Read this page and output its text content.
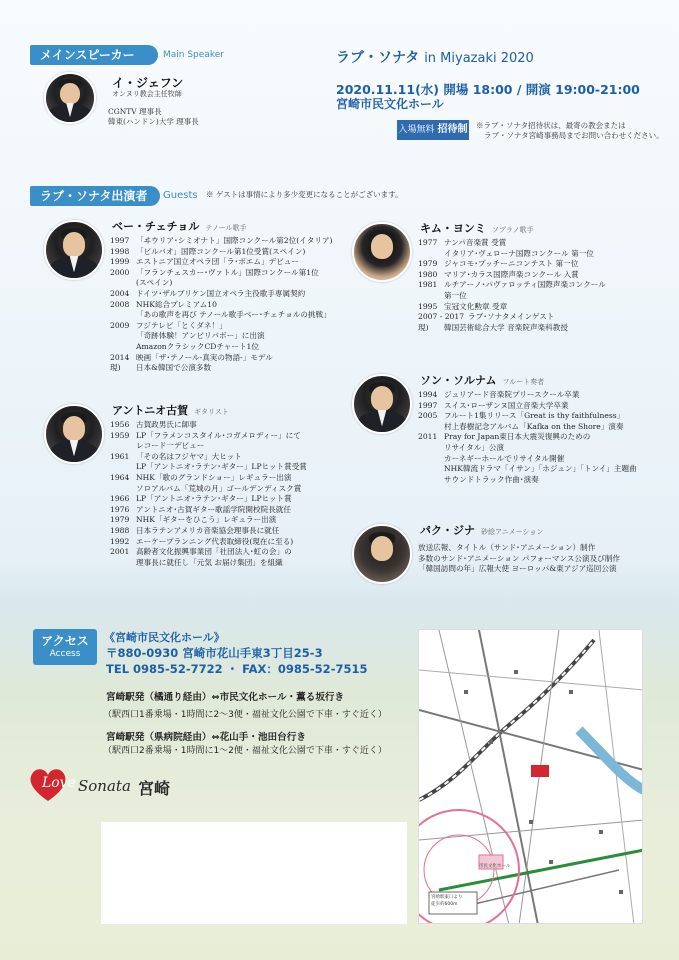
メインスピーカー	Main Speaker
イ・ジェフン
オンヌリ教会主任牧師
CGNTV 理事長
韓東(ハンドン)大学 理事長
ラブ・ソナタ in Miyazaki 2020
2020.11.11(水) 開場 18:00 / 開演 19:00-21:00
宮崎市民文化ホール
入場無料 招待制 ※ラブ・ソナタ招待状は、最寄の教会または
ラブ・ソナタ宮崎事務局までお問い合わせください。
ラブ・ソナタ出演者	Guests ※ ゲストは事情により多少変更になることがございます。
ベー・チェチョル テノール歌手
1997 「ヰウリア･シミオナト」国際コンクール第2位(イタリア)
1998 「ビルバオ」国際コンクール第1位受賞(スペイン)
1999 エストニア国立オペラ団「ラ･ボエム」デビュー
2000 「フランチェスカー･ヴァトル」国際コンクール第1位
(スペイン)
2004 ドイツ･ザルブリケン国立オペラ主役歌手専属契約
2008 NHK総合プレミアム10
「あの歌声を再び テノール歌手ベー･チェチョルの挑戦」
2009 フジテレビ「とくダネ！」
「奇跡体験！アンビリバボー」に出演
AmazonクラシックCDチャート1位
2014 映画「ザ･テノール-真実の物語-」モデル
現) 日本&韓国で公演多数
アントニオ古賀 ギタリスト
1956 古賀政男氏に師事
1959 LP「フラメンコスタイル･コガメロディー」にて
レコード一デビュー
1961 「その名はフジヤマ」大ヒット
LP「アントニオ･ラテン･ギター」LPヒット賞受賞
1964 NHK「歌のグランドショー」レギュラー出演
ソロアルバム「荒城の月」ゴールデンディスク賞
1966 LP「アントニオ･ラテン･ギター」LPヒット賞
1976 アントニオ･古賀ギター歌謡学院開校院長就任
1979 NHK「ギターをひこう」レギュラー出演
1988 日本ラテンアメリカ音楽協会理事長に就任
1992 エーケープランニング代表取締役(現在に至る)
2001 高齢者文化振興事業団「社団法人･虹の会」の
理事長に就任し「元気 お届け集団」を組織
キム・ヨンミ ソプラノ歌手
1977 ナンパ音楽賞 受賞
イタリア･ヴェローナ国際コンクール 第一位
1979 ジャコモ･プッチーニコンテスト 第一位
1980 マリア･カラス国際声楽コンクール 入賞
1981 ルチアーノ･パヴァロッティ国際声楽コンクール
第一位
1995 宝冠文化勲章 受章
2007 - 2017 ラブ･ソナタメインゲスト
現) 韓国芸術総合大学 音楽院声楽科教授
ソン・ソルナム フルート奏者
1994 ジュリアード音楽院プリースクール卒業
1997 スイス･ローザンヌ国立音楽大学卒業
2005 フルート1集リリース「Great is thy faithfulness」
村上春樹記念アルバム「Kafka on the Shore」演奏
2011 Pray for Japan東日本大震災復興のための
リサイタル」公演
カーネギーホールでリサイタル開催
NHK韓流ドラマ「イサン」「ホジュン」「トンイ」主題曲
サウンドトラック作曲･演奏
パク・ジナ 砂絵アニメーション
放送広報、タイトル（サンド･アニメーション）制作
多数のサンド･アニメーション パフォーマンス公演及び制作
「韓国訪問の年」広報大使 ヨーロッパ&東アジア巡回公演
アクセス
Access
《宮崎市民文化ホール》
〒880-0930 宮崎市花山手東3丁目25-3
TEL 0985-52-7722 ・ FAX：0985-52-7515
宮崎駅発（橘通り経由）⇔市民文化ホール・薫る坂行き
（駅西口1番乗場・1時間に2～3便・福祉文化公園で下車・すぐ近く）
宮崎駅発（県病院経由）⇔花山手・池田台行き
（駅西口2番乗場・1時間に1～2便・福祉文化公園で下車・すぐ近く）
Love Sonata 宮崎
市民文化ホール
宮崎駅東口より
徒歩約600m
